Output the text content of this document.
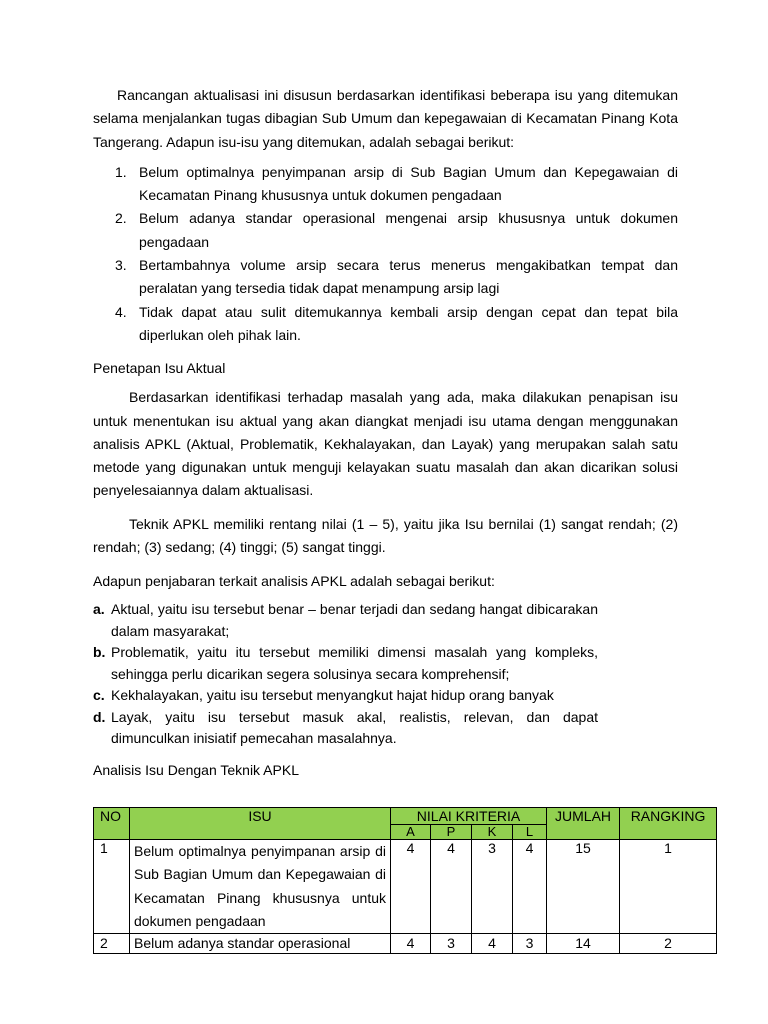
Rancangan aktualisasi ini disusun berdasarkan identifikasi beberapa isu yang ditemukan selama menjalankan tugas dibagian Sub Umum dan kepegawaian di Kecamatan Pinang Kota Tangerang. Adapun isu-isu yang ditemukan, adalah sebagai berikut:

1. Belum optimalnya penyimpanan arsip di Sub Bagian Umum dan Kepegawaian di Kecamatan Pinang khususnya untuk dokumen pengadaan
2. Belum adanya standar operasional mengenai arsip khususnya untuk dokumen pengadaan
3. Bertambahnya volume arsip secara terus menerus mengakibatkan tempat dan peralatan yang tersedia tidak dapat menampung arsip lagi
4. Tidak dapat atau sulit ditemukannya kembali arsip dengan cepat dan tepat bila diperlukan oleh pihak lain.

Penetapan Isu Aktual

Berdasarkan identifikasi terhadap masalah yang ada, maka dilakukan penapisan isu untuk menentukan isu aktual yang akan diangkat menjadi isu utama dengan menggunakan analisis APKL (Aktual, Problematik, Kekhalayakan, dan Layak) yang merupakan salah satu metode yang digunakan untuk menguji kelayakan suatu masalah dan akan dicarikan solusi penyelesaiannya dalam aktualisasi.

Teknik APKL memiliki rentang nilai (1 – 5), yaitu jika Isu bernilai (1) sangat rendah; (2) rendah; (3) sedang; (4) tinggi; (5) sangat tinggi.

Adapun penjabaran terkait analisis APKL adalah sebagai berikut:

a. Aktual, yaitu isu tersebut benar – benar terjadi dan sedang hangat dibicarakan dalam masyarakat;
b. Problematik, yaitu itu tersebut memiliki dimensi masalah yang kompleks, sehingga perlu dicarikan segera solusinya secara komprehensif;
c. Kekhalayakan, yaitu isu tersebut menyangkut hajat hidup orang banyak
d. Layak, yaitu isu tersebut masuk akal, realistis, relevan, dan dapat dimunculkan inisiatif pemecahan masalahnya.

Analisis Isu Dengan Teknik APKL

NO	ISU	NILAI KRITERIA				JUMLAH	RANGKING
		A	P	K	L		
1	Belum optimalnya penyimpanan arsip di Sub Bagian Umum dan Kepegawaian di Kecamatan Pinang khususnya untuk dokumen pengadaan	4	4	3	4	15	1
2	Belum adanya standar operasional	4	3	4	3	14	2
